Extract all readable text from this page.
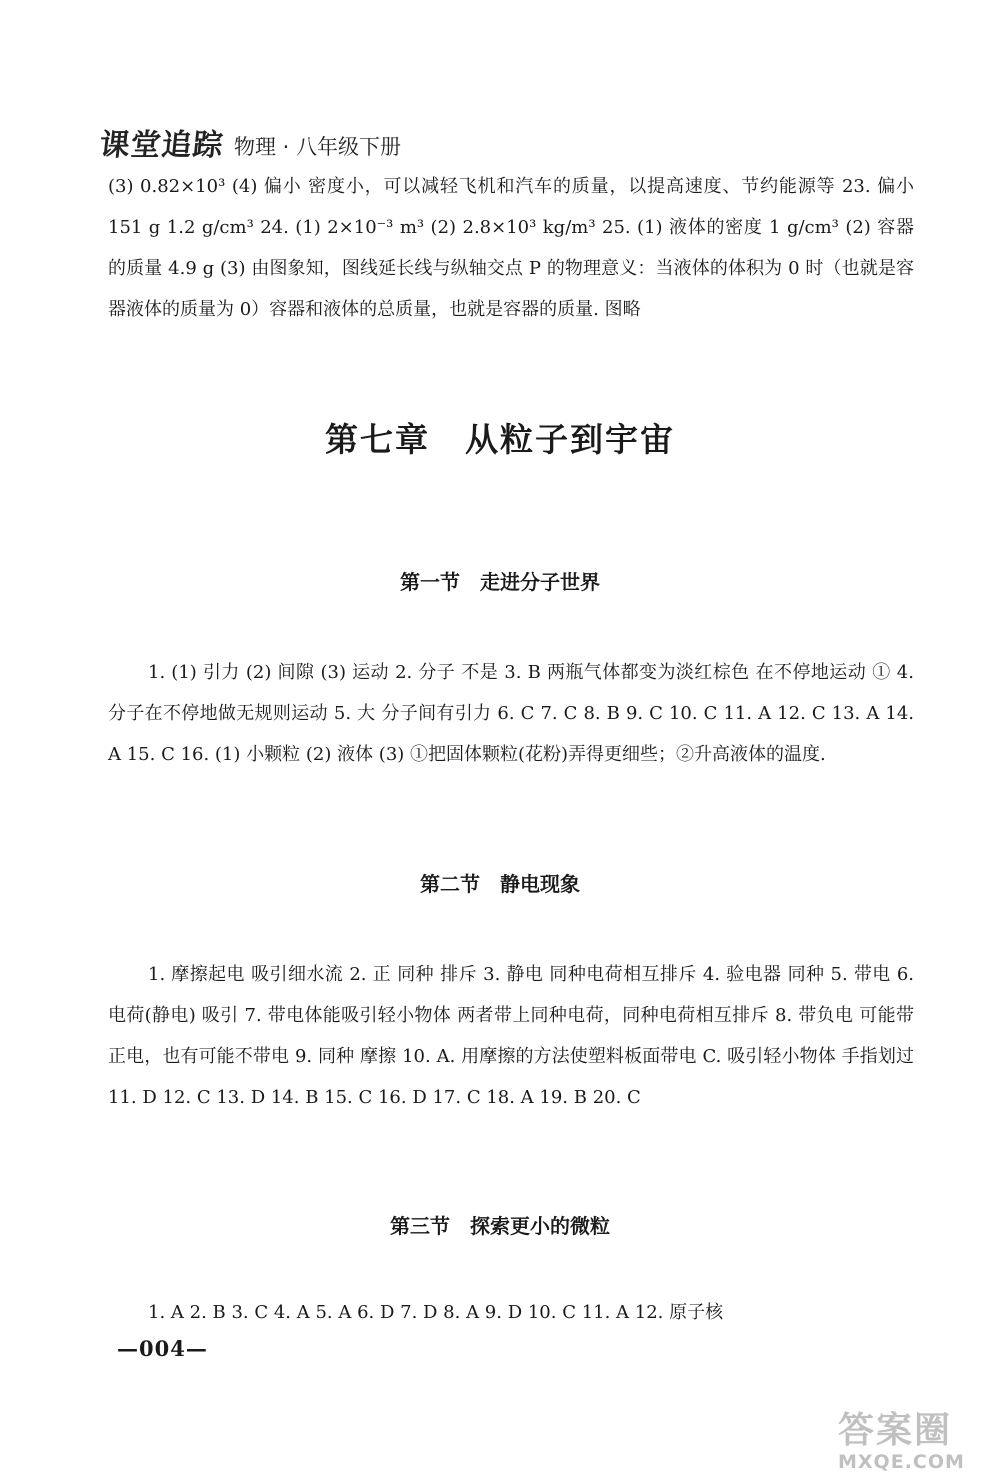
课堂追踪 物理 · 八年级下册

(3) 0.82×10³ (4) 偏小 密度小，可以减轻飞机和汽车的质量，以提高速度、节约能源等 23. 偏小 151 g 1.2 g/cm³ 24. (1) 2×10⁻³ m³ (2) 2.8×10³ kg/m³ 25. (1) 液体的密度 1 g/cm³ (2) 容器的质量 4.9 g (3) 由图象知，图线延长线与纵轴交点 P 的物理意义：当液体的体积为 0 时（也就是容器液体的质量为 0）容器和液体的总质量，也就是容器的质量. 图略

第七章　从粒子到宇宙
第一节　走进分子世界

1. (1) 引力 (2) 间隙 (3) 运动 2. 分子 不是 3. B 两瓶气体都变为淡红棕色 在不停地运动 ① 4. 分子在不停地做无规则运动 5. 大 分子间有引力 6. C 7. C 8. B 9. C 10. C 11. A 12. C 13. A 14. A 15. C 16. (1) 小颗粒 (2) 液体 (3) ①把固体颗粒(花粉)弄得更细些；②升高液体的温度.

第二节　静电现象

1. 摩擦起电 吸引细水流 2. 正 同种 排斥 3. 静电 同种电荷相互排斥 4. 验电器 同种 5. 带电 6. 电荷(静电) 吸引 7. 带电体能吸引轻小物体 两者带上同种电荷，同种电荷相互排斥 8. 带负电 可能带正电，也有可能不带电 9. 同种 摩擦 10. A. 用摩擦的方法使塑料板面带电 C. 吸引轻小物体 手指划过 11. D 12. C 13. D 14. B 15. C 16. D 17. C 18. A 19. B 20. C

第三节　探索更小的微粒

1. A 2. B 3. C 4. A 5. A 6. D 7. D 8. A 9. D 10. C 11. A 12. 原子核

—004—
答案圈
MXQE.COM
